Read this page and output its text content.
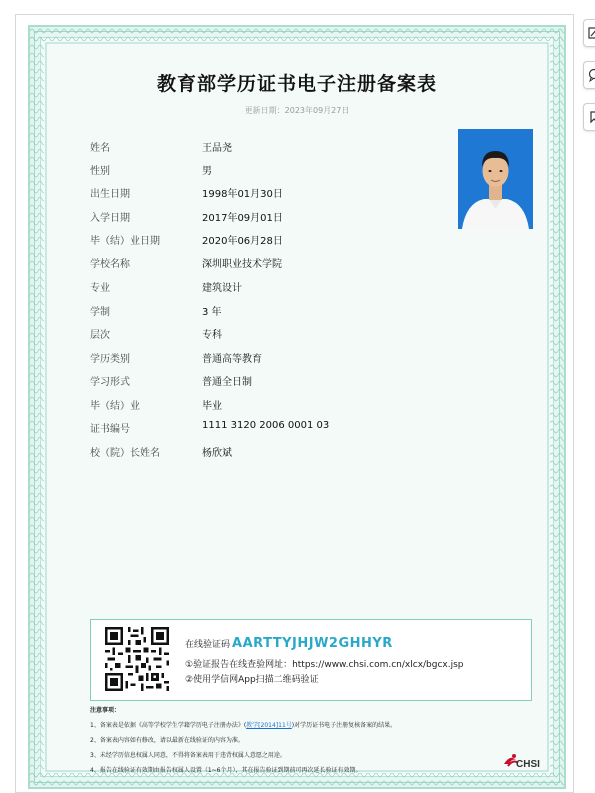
教育部学历证书电子注册备案表
更新日期：2023年09月27日
姓名	王品尧
性别	男
出生日期	1998年01月30日
入学日期	2017年09月01日
毕（结）业日期	2020年06月28日
学校名称	深圳职业技术学院
专业	建筑设计
学制	3 年
层次	专科
学历类别	普通高等教育
学习形式	普通全日制
毕（结）业	毕业
证书编号	1111 3120 2006 0001 03
校（院）长姓名	杨欣斌
在线验证码 AARTTYJHJW2GHHYR
①验证报告在线查验网址：https://www.chsi.com.cn/xlcx/bgcx.jsp
②使用学信网App扫描二维码验证
注意事项：
1、备案表是依据《高等学校学生学籍学历电子注册办法》(教学[2014]11号)对学历证书电子注册复核备案的结果。
2、备案表内容如有修改，请以最新在线验证的内容为准。
3、未经学历信息权属人同意，不得将备案表用于违背权属人意愿之用途。
4、报告在线验证有效期由报告权属人设置（1~6个月），其在报告验证到期前可再次延长验证有效期。
CHSI
